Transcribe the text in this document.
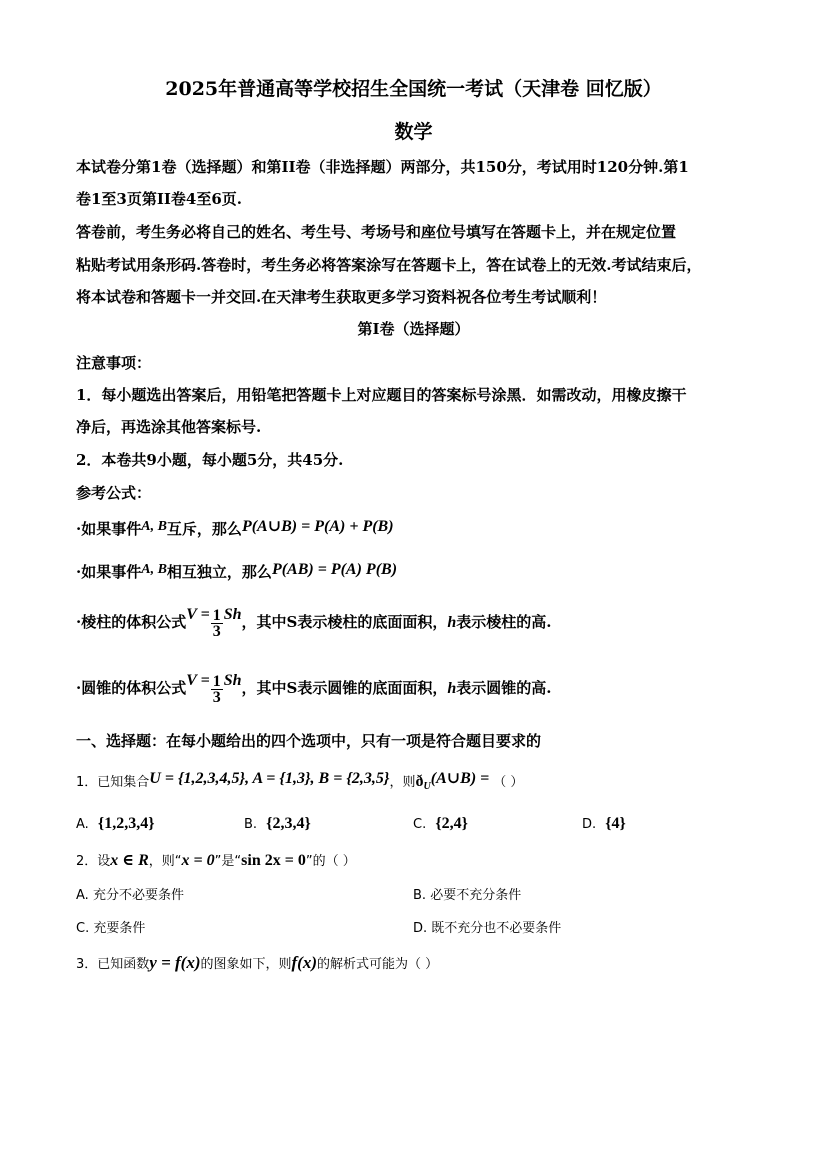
2025年普通高等学校招生全国统一考试（天津卷 回忆版）
数学
本试卷分第1卷（选择题）和第II卷（非选择题）两部分，共150分，考试用时120分钟.第1
卷1至3页第II卷4至6页.
答卷前，考生务必将自己的姓名、考生号、考场号和座位号填写在答题卡上，并在规定位置
粘贴考试用条形码.答卷时，考生务必将答案涂写在答题卡上，答在试卷上的无效.考试结束后，
将本试卷和答题卡一并交回.在天津考生获取更多学习资料祝各位考生考试顺利！
第I卷（选择题）
注意事项：
1．每小题选出答案后，用铅笔把答题卡上对应题目的答案标号涂黑．如需改动，用橡皮擦干
净后，再选涂其他答案标号.
2．本卷共9小题，每小题5分，共45分.
参考公式：
·如果事件A, B互斥，那么P(A∪B) = P(A) + P(B)
·如果事件A, B相互独立，那么P(AB) = P(A) P(B)
·棱柱的体积公式$V = \frac{1}{3}$ Sh，其中S表示棱柱的底面面积，h表示棱柱的高.
·圆锥的体积公式$V = \frac{1}{3}$ Sh，其中S表示圆锥的底面面积，h表示圆锥的高.
一、选择题：在每小题给出的四个选项中，只有一项是符合题目要求的
1．已知集合U = {1,2,3,4,5}, A = {1,3}, B = {2,3,5}，则ðU(A∪B) = （ ）
A. {1,2,3,4}	B. {2,3,4}	C. {2,4}	D. {4}
2．设x ∈ R，则“x = 0”是“sin 2x = 0”的（ ）
A. 充分不必要条件	B. 必要不充分条件
C. 充要条件	D. 既不充分也不必要条件
3．已知函数y = f(x)的图象如下，则f(x)的解析式可能为（ ）
